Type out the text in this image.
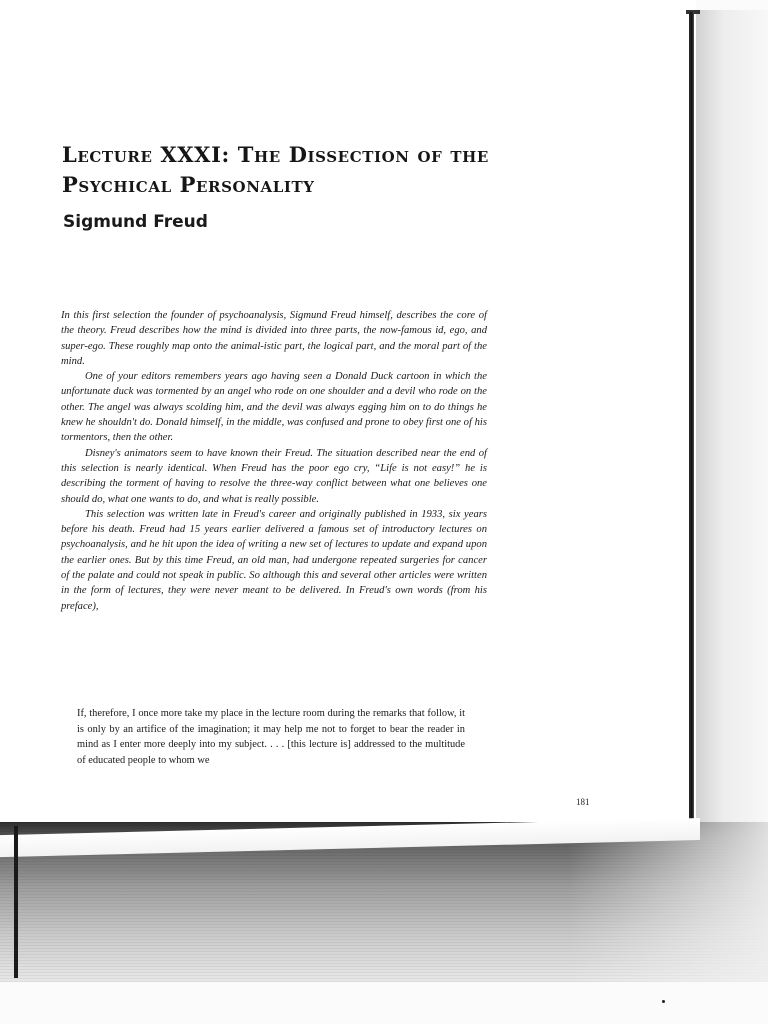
Lecture XXXI: The Dissection of the Psychical Personality
Sigmund Freud

In this first selection the founder of psychoanalysis, Sigmund Freud himself, describes the core of the theory. Freud describes how the mind is divided into three parts, the now-famous id, ego, and super-ego. These roughly map onto the animal-istic part, the logical part, and the moral part of the mind.

One of your editors remembers years ago having seen a Donald Duck cartoon in which the unfortunate duck was tormented by an angel who rode on one shoulder and a devil who rode on the other. The angel was always scolding him, and the devil was always egging him on to do things he knew he shouldn't do. Donald himself, in the middle, was confused and prone to obey first one of his tormentors, then the other.

Disney's animators seem to have known their Freud. The situation described near the end of this selection is nearly identical. When Freud has the poor ego cry, “Life is not easy!” he is describing the torment of having to resolve the three-way conflict between what one believes one should do, what one wants to do, and what is really possible.

This selection was written late in Freud's career and originally published in 1933, six years before his death. Freud had 15 years earlier delivered a famous set of introductory lectures on psychoanalysis, and he hit upon the idea of writing a new set of lectures to update and expand upon the earlier ones. But by this time Freud, an old man, had undergone repeated surgeries for cancer of the palate and could not speak in public. So although this and several other articles were written in the form of lectures, they were never meant to be delivered. In Freud's own words (from his preface),

If, therefore, I once more take my place in the lecture room during the remarks that follow, it is only by an artifice of the imagination; it may help me not to forget to bear the reader in mind as I enter more deeply into my subject. . . . [this lecture is] addressed to the multitude of educated people to whom we

181
